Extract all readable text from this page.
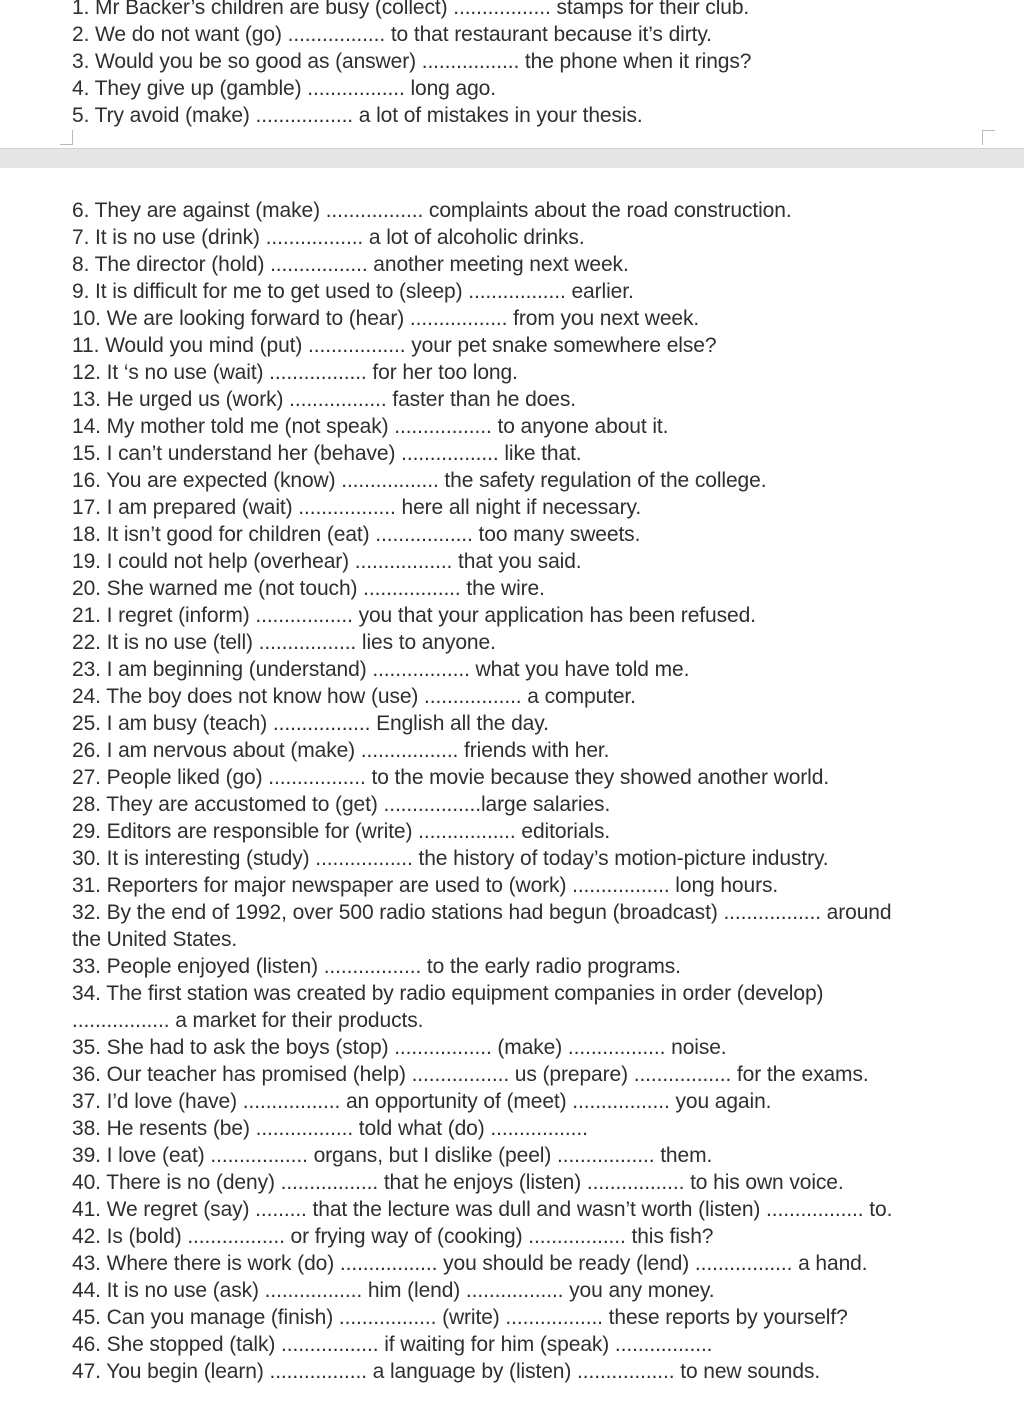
1. Mr Backer’s children are busy (collect) ................. stamps for their club.
2. We do not want (go) ................. to that restaurant because it’s dirty.
3. Would you be so good as (answer) ................. the phone when it rings?
4. They give up (gamble) ................. long ago.
5. Try avoid (make) ................. a lot of mistakes in your thesis.
6. They are against (make) ................. complaints about the road construction.
7. It is no use (drink) ................. a lot of alcoholic drinks.
8. The director (hold) ................. another meeting next week.
9. It is difficult for me to get used to (sleep) ................. earlier.
10. We are looking forward to (hear) ................. from you next week.
11. Would you mind (put) ................. your pet snake somewhere else?
12. It ‘s no use (wait) ................. for her too long.
13. He urged us (work) ................. faster than he does.
14. My mother told me (not speak) ................. to anyone about it.
15. I can’t understand her (behave) ................. like that.
16. You are expected (know) ................. the safety regulation of the college.
17. I am prepared (wait) ................. here all night if necessary.
18. It isn’t good for children (eat) ................. too many sweets.
19. I could not help (overhear) ................. that you said.
20. She warned me (not touch) ................. the wire.
21. I regret (inform) ................. you that your application has been refused.
22. It is no use (tell) ................. lies to anyone.
23. I am beginning (understand) ................. what you have told me.
24. The boy does not know how (use) ................. a computer.
25. I am busy (teach) ................. English all the day.
26. I am nervous about (make) ................. friends with her.
27. People liked (go) ................. to the movie because they showed another world.
28. They are accustomed to (get) .................large salaries.
29. Editors are responsible for (write) ................. editorials.
30. It is interesting (study) ................. the history of today’s motion-picture industry.
31. Reporters for major newspaper are used to (work) ................. long hours.
32. By the end of 1992, over 500 radio stations had begun (broadcast) ................. around
the United States.
33. People enjoyed (listen) ................. to the early radio programs.
34. The first station was created by radio equipment companies in order (develop)
................. a market for their products.
35. She had to ask the boys (stop) ................. (make) ................. noise.
36. Our teacher has promised (help) ................. us (prepare) ................. for the exams.
37. I’d love (have) ................. an opportunity of (meet) ................. you again.
38. He resents (be) ................. told what (do) .................
39. I love (eat) ................. organs, but I dislike (peel) ................. them.
40. There is no (deny) ................. that he enjoys (listen) ................. to his own voice.
41. We regret (say) ......... that the lecture was dull and wasn’t worth (listen) ................. to.
42. Is (bold) ................. or frying way of (cooking) ................. this fish?
43. Where there is work (do) ................. you should be ready (lend) ................. a hand.
44. It is no use (ask) ................. him (lend) ................. you any money.
45. Can you manage (finish) ................. (write) ................. these reports by yourself?
46. She stopped (talk) ................. if waiting for him (speak) .................
47. You begin (learn) ................. a language by (listen) ................. to new sounds.
